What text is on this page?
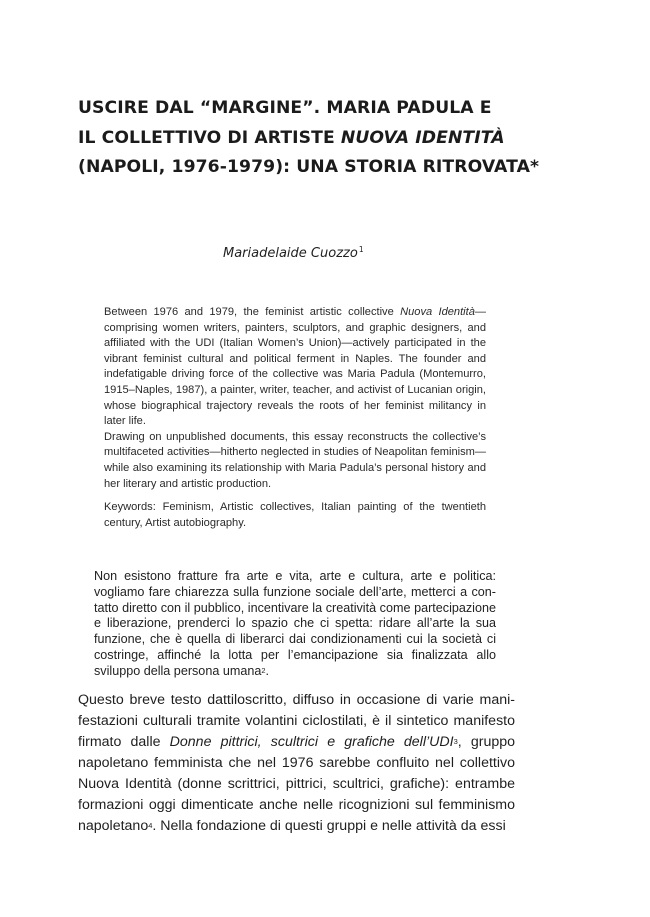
USCIRE DAL “MARGINE”. MARIA PADULA E
IL COLLETTIVO DI ARTISTE NUOVA IDENTITÀ
(NAPOLI, 1976-1979): UNA STORIA RITROVATA*
Mariadelaide Cuozzo$^1$

Between 1976 and 1979, the feminist artistic collective Nuova Identità—comprising women writers, painters, sculptors, and graphic designers, and affiliated with the UDI (Italian Women’s Union)—actively participated in the vibrant feminist cultural and political ferment in Naples. The founder and indefatigable driving force of the collective was Maria Padula (Montemurro, 1915–Naples, 1987), a painter, writer, teacher, and activist of Lucanian origin, whose biographical trajectory reveals the roots of her feminist militancy in later life.

Drawing on unpublished documents, this essay reconstructs the collective’s multifaceted activities—hitherto neglected in studies of Neapolitan feminism—while also examining its relationship with Maria Padula’s personal history and her literary and artistic production.

Keywords: Feminism, Artistic collectives, Italian painting of the twentieth century, Artist autobiography.

Non esistono fratture fra arte e vita, arte e cultura, arte e politica: vogliamo fare chiarezza sulla funzione sociale dell’arte, metterci a contatto diretto con il pubblico, incentivare la creatività come partecipazione e liberazione, prenderci lo spazio che ci spetta: ridare all’arte la sua funzione, che è quella di liberarci dai condizionamenti cui la società ci costringe, affinché la lotta per l’emancipazione sia finalizzata allo sviluppo della persona umana$^2$.

Questo breve testo dattiloscritto, diffuso in occasione di varie manifestazioni culturali tramite volantini ciclostilati, è il sintetico manifesto firmato dalle Donne pittrici, scultrici e grafiche dell’UDI$^3$, gruppo napoletano femminista che nel 1976 sarebbe confluito nel collettivo Nuova Identità (donne scrittrici, pittrici, scultrici, grafiche): entrambe formazioni oggi dimenticate anche nelle ricognizioni sul femminismo napoletano$^4$. Nella fondazione di questi gruppi e nelle attività da essi
